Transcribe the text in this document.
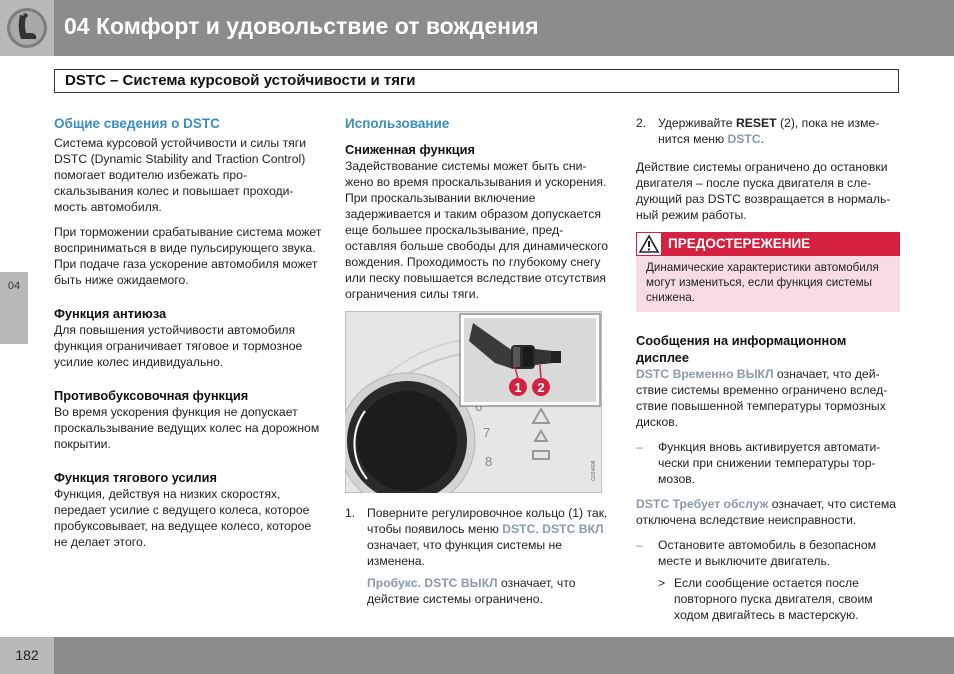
04 Комфорт и удовольствие от вождения
DSTC – Система курсовой устойчивости и тяги
04
Общие сведения о DSTC
Система курсовой устойчивости и силы тяги DSTC (Dynamic Stability and Traction Control) помогает водителю избежать проскальзывания колес и повышает проходимость автомобиля.
При торможении срабатывание система может восприниматься в виде пульсирующего звука. При подаче газа ускорение автомобиля может быть ниже ожидаемого.
Функция антиюза
Для повышения устойчивости автомобиля функция ограничивает тяговое и тормозное усилие колес индивидуально.
Противобуксовочная функция
Во время ускорения функция не допускает проскальзывание ведущих колес на дорожном покрытии.
Функция тягового усилия
Функция, действуя на низких скоростях, передает усилие с ведущего колеса, которое пробуксовывает, на ведущее колесо, которое не делает этого.
Использование
Сниженная функция
Задействование системы может быть снижено во время проскальзывания и ускорения. При проскальзывании включение задерживается и таким образом допускается еще большее проскальзывание, предоставляя больше свободы для динамического вождения. Проходимость по глубокому снегу или песку повышается вследствие отсутствия ограничения силы тяги.
7
8
1 2
G024609
1. Поверните регулировочное кольцо (1) так, чтобы появилось меню DSTC. DSTC ВКЛ означает, что функция системы не изменена.
Пробукс. DSTC ВЫКЛ означает, что действие системы ограничено.
2. Удерживайте RESET (2), пока не изменится меню DSTC.
Действие системы ограничено до остановки двигателя – после пуска двигателя в следующий раз DSTC возвращается в нормальный режим работы.
ПРЕДОСТЕРЕЖЕНИЕ
Динамические характеристики автомобиля могут измениться, если функция системы снижена.
Сообщения на информационном дисплее
DSTC Временно ВЫКЛ означает, что действие системы временно ограничено вследствие повышенной температуры тормозных дисков.
–	Функция вновь активируется автоматически при снижении температуры тормозов.
DSTC Требует обслуж означает, что система отключена вследствие неисправности.
–	Остановите автомобиль в безопасном месте и выключите двигатель.
> Если сообщение остается после повторного пуска двигателя, своим ходом двигайтесь в мастерскую.
182
